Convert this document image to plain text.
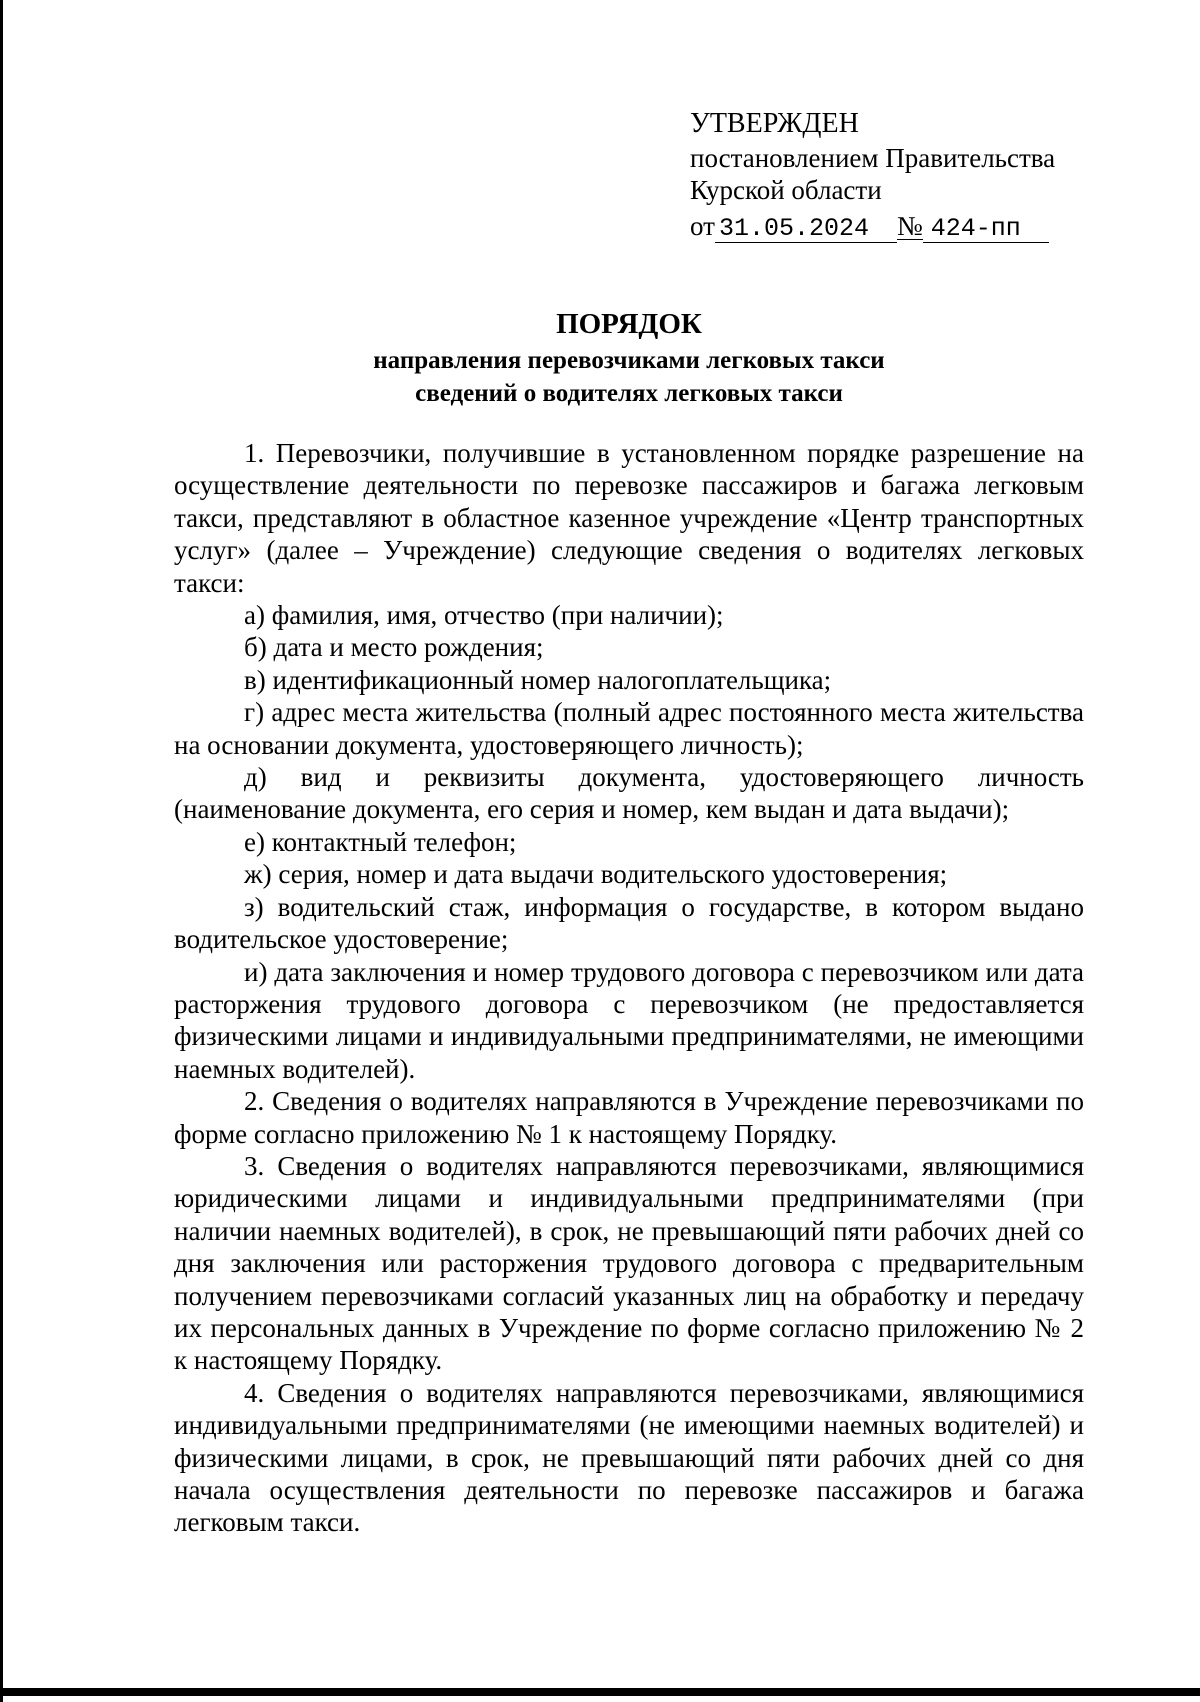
УТВЕРЖДЕН
постановлением Правительства
Курской области
от 31.05.2024 № 424-пп
ПОРЯДОК
направления перевозчиками легковых такси
сведений о водителях легковых такси
1. Перевозчики, получившие в установленном порядке разрешение на осуществление деятельности по перевозке пассажиров и багажа легковым такси, представляют в областное казенное учреждение «Центр транспортных услуг» (далее – Учреждение) следующие сведения о водителях легковых такси:
а) фамилия, имя, отчество (при наличии);
б) дата и место рождения;
в) идентификационный номер налогоплательщика;
г) адрес места жительства (полный адрес постоянного места жительства на основании документа, удостоверяющего личность);
д) вид и реквизиты документа, удостоверяющего личность (наименование документа, его серия и номер, кем выдан и дата выдачи);
е) контактный телефон;
ж) серия, номер и дата выдачи водительского удостоверения;
з) водительский стаж, информация о государстве, в котором выдано водительское удостоверение;
и) дата заключения и номер трудового договора с перевозчиком или дата расторжения трудового договора с перевозчиком (не предоставляется физическими лицами и индивидуальными предпринимателями, не имеющими наемных водителей).
2. Сведения о водителях направляются в Учреждение перевозчиками по форме согласно приложению № 1 к настоящему Порядку.
3. Сведения о водителях направляются перевозчиками, являющимися юридическими лицами и индивидуальными предпринимателями (при наличии наемных водителей), в срок, не превышающий пяти рабочих дней со дня заключения или расторжения трудового договора с предварительным получением перевозчиками согласий указанных лиц на обработку и передачу их персональных данных в Учреждение по форме согласно приложению № 2 к настоящему Порядку.
4. Сведения о водителях направляются перевозчиками, являющимися индивидуальными предпринимателями (не имеющими наемных водителей) и физическими лицами, в срок, не превышающий пяти рабочих дней со дня начала осуществления деятельности по перевозке пассажиров и багажа легковым такси.
